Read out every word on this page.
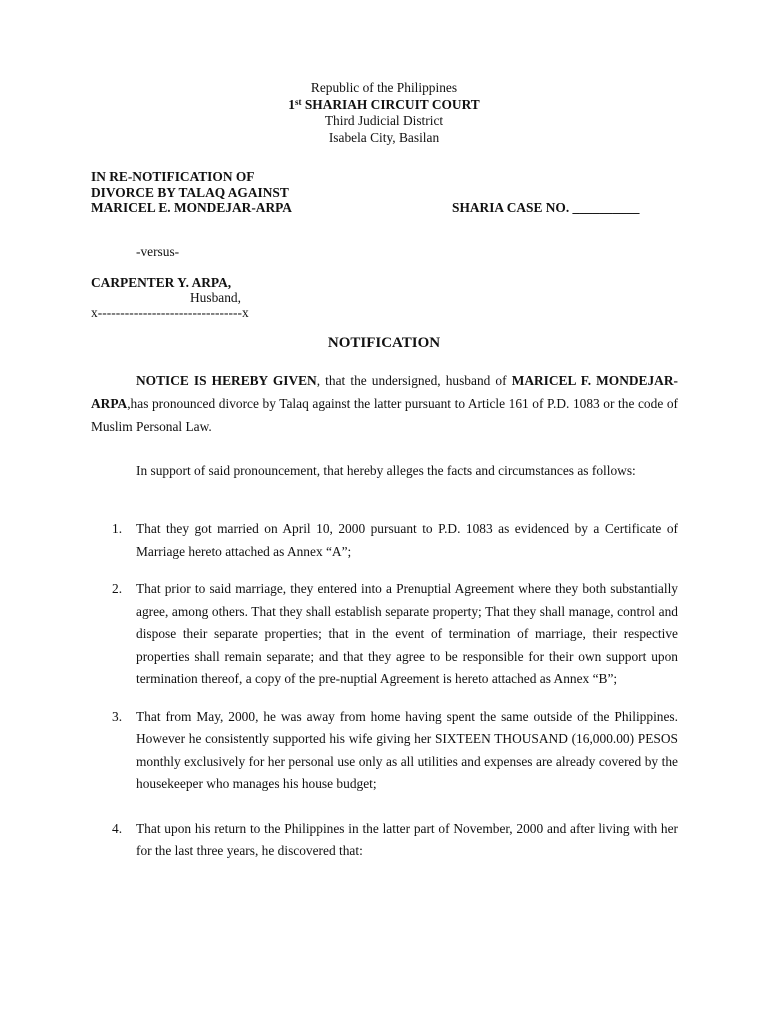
Republic of the Philippines
1st SHARIAH CIRCUIT COURT
Third Judicial District
Isabela City, Basilan
IN RE-NOTIFICATION OF
DIVORCE BY TALAQ AGAINST
MARICEL E. MONDEJAR-ARPA	SHARIA CASE NO. __________
-versus-
CARPENTER Y. ARPA,
Husband,
x--------------------------------x
NOTIFICATION
NOTICE IS HEREBY GIVEN, that the undersigned, husband of MARICEL F. MONDEJAR-ARPA,has pronounced divorce by Talaq against the latter pursuant to Article 161 of P.D. 1083 or the code of Muslim Personal Law.
In support of said pronouncement, that hereby alleges the facts and circumstances as follows:
1. That they got married on April 10, 2000 pursuant to P.D. 1083 as evidenced by a Certificate of Marriage hereto attached as Annex “A”;
2. That prior to said marriage, they entered into a Prenuptial Agreement where they both substantially agree, among others. That they shall establish separate property; That they shall manage, control and dispose their separate properties; that in the event of termination of marriage, their respective properties shall remain separate; and that they agree to be responsible for their own support upon termination thereof, a copy of the pre-nuptial Agreement is hereto attached as Annex “B”;
3. That from May, 2000, he was away from home having spent the same outside of the Philippines. However he consistently supported his wife giving her SIXTEEN THOUSAND (16,000.00) PESOS monthly exclusively for her personal use only as all utilities and expenses are already covered by the housekeeper who manages his house budget;
4. That upon his return to the Philippines in the latter part of November, 2000 and after living with her for the last three years, he discovered that:
